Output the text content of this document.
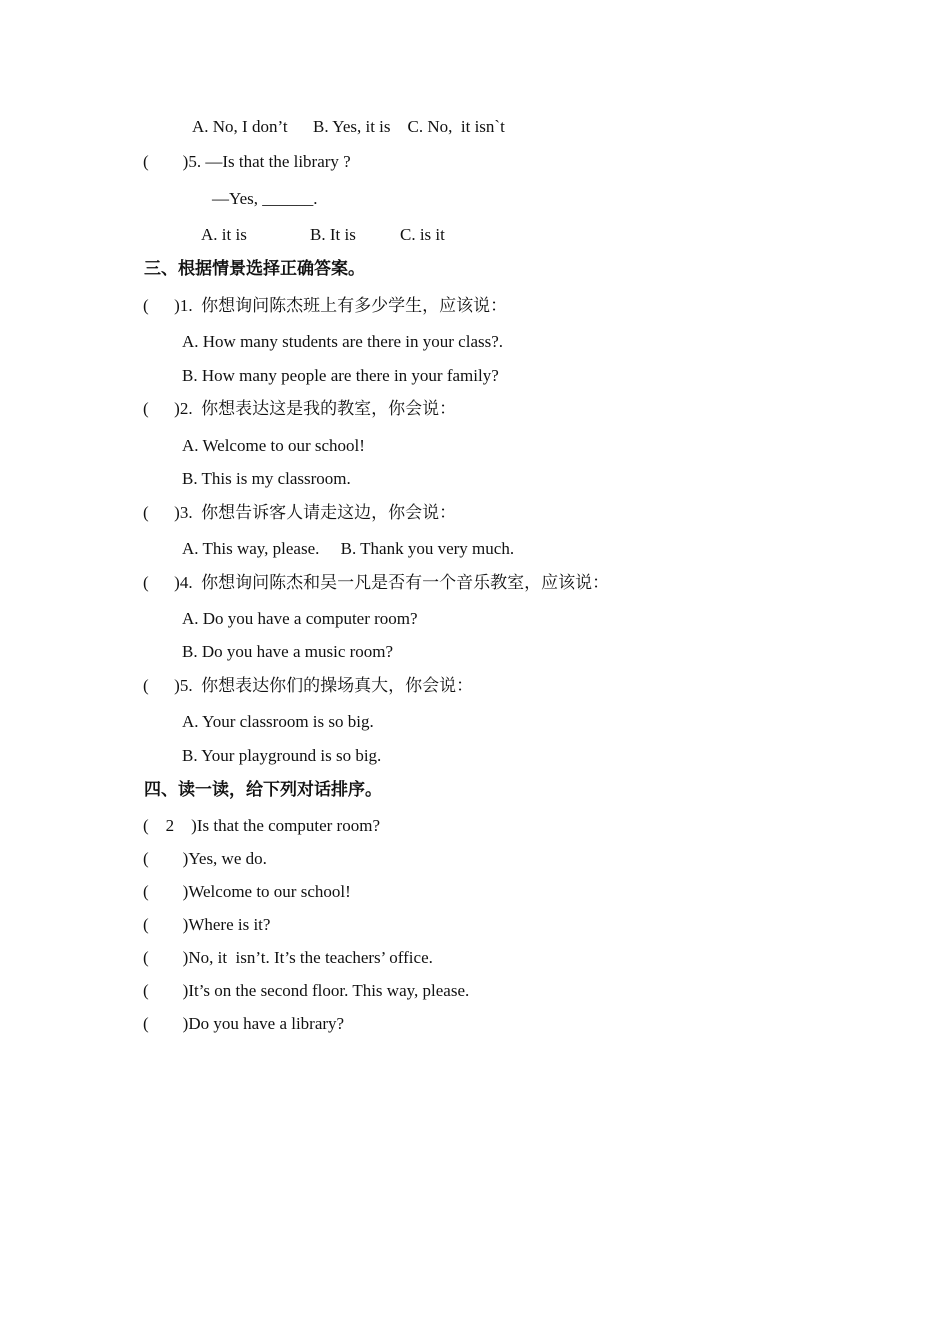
A. No, I don’t      B. Yes, it is    C. No,  it isn`t
(        )5. —Is that the library ?
—Yes, ______.
A. it is	B. It is	C. is it
三、根据情景选择正确答案。
(      )1.  你想询问陈杰班上有多少学生，应该说：
A. How many students are there in your class?.
B. How many people are there in your family?
(      )2.  你想表达这是我的教室，你会说：
A. Welcome to our school!
B. This is my classroom.
(      )3.  你想告诉客人请走这边，你会说：
A. This way, please.     B. Thank you very much.
(      )4.  你想询问陈杰和吴一凡是否有一个音乐教室，应该说：
A. Do you have a computer room?
B. Do you have a music room?
(      )5.  你想表达你们的操场真大，你会说：
A. Your classroom is so big.
B. Your playground is so big.
四、读一读，给下列对话排序。
(    2    )Is that the computer room?
(        )Yes, we do.
(        )Welcome to our school!
(        )Where is it?
(        )No, it  isn’t. It’s the teachers’ office.
(        )It’s on the second floor. This way, please.
(        )Do you have a library?
